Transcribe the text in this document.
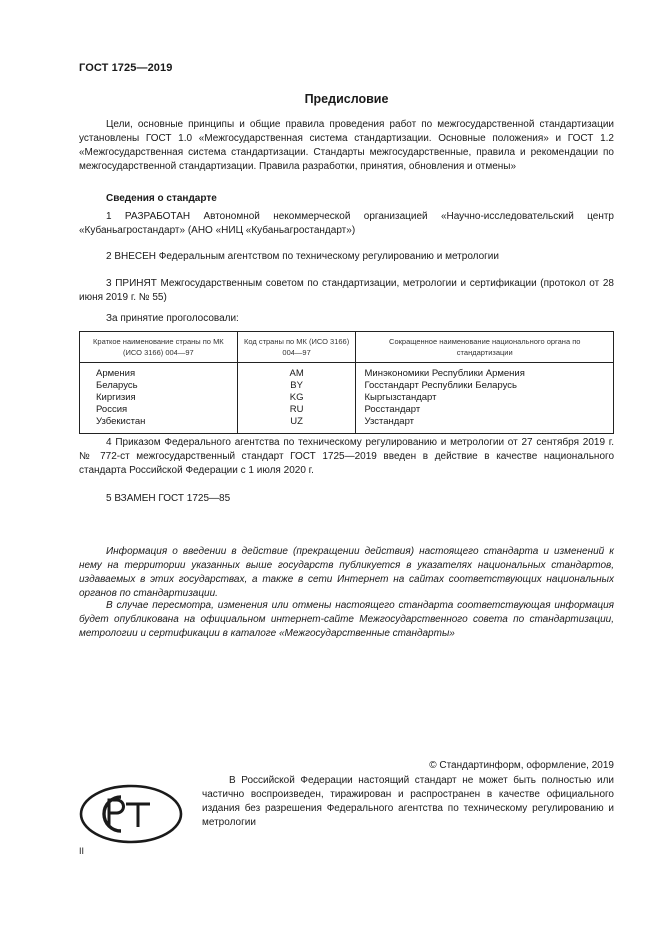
ГОСТ 1725—2019
Предисловие

Цели, основные принципы и общие правила проведения работ по межгосударственной стандартизации установлены ГОСТ 1.0 «Межгосударственная система стандартизации. Основные положения» и ГОСТ 1.2 «Межгосударственная система стандартизации. Стандарты межгосударственные, правила и рекомендации по межгосударственной стандартизации. Правила разработки, принятия, обновления и отмены»

Сведения о стандарте

1 РАЗРАБОТАН Автономной некоммерческой организацией «Научно-исследовательский центр «Кубаньагростандарт» (АНО «НИЦ «Кубаньагростандарт»)

2 ВНЕСЕН Федеральным агентством по техническому регулированию и метрологии

3 ПРИНЯТ Межгосударственным советом по стандартизации, метрологии и сертификации (протокол от 28 июня 2019 г. № 55)

За принятие проголосовали:
Краткое наименование страны по МК (ИСО 3166) 004—97	Код страны по МК (ИСО 3166) 004—97	Сокращенное наименование национального органа по стандартизации
Армения	AM	Минэкономики Республики Армения
Беларусь	BY	Госстандарт Республики Беларусь
Киргизия	KG	Кыргызстандарт
Россия	RU	Росстандарт
Узбекистан	UZ	Узстандарт

4 Приказом Федерального агентства по техническому регулированию и метрологии от 27 сентября 2019 г. № 772-ст межгосударственный стандарт ГОСТ 1725—2019 введен в действие в качестве национального стандарта Российской Федерации с 1 июля 2020 г.

5 ВЗАМЕН ГОСТ 1725—85

Информация о введении в действие (прекращении действия) настоящего стандарта и изменений к нему на территории указанных выше государств публикуется в указателях национальных стандартов, издаваемых в этих государствах, а также в сети Интернет на сайтах соответствующих национальных органов по стандартизации.

В случае пересмотра, изменения или отмены настоящего стандарта соответствующая информация будет опубликована на официальном интернет-сайте Межгосударственного совета по стандартизации, метрологии и сертификации в каталоге «Межгосударственные стандарты»

© Стандартинформ, оформление, 2019

В Российской Федерации настоящий стандарт не может быть полностью или частично воспроизведен, тиражирован и распространен в качестве официального издания без разрешения Федерального агентства по техническому регулированию и метрологии

II
